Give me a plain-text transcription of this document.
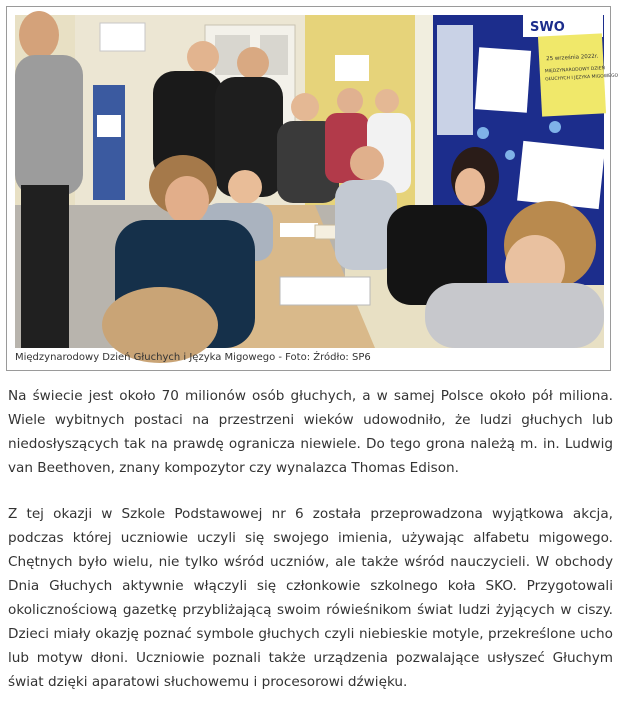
SWO
25 września 2022r.
MIĘDZYNARODOWY DZIEŃ
GŁUCHYCH I JĘZYKA MIGOWEGO
Międzynarodowy Dzień Głuchych i Języka Migowego - Foto: Źródło: SP6

Na świecie jest około 70 milionów osób głuchych, a w samej Polsce około pół miliona. Wiele wybitnych postaci na przestrzeni wieków udowodniło, że ludzi głuchych lub niedosłyszących tak na prawdę ogranicza niewiele. Do tego grona należą m. in. Ludwig van Beethoven, znany kompozytor czy wynalazca Thomas Edison.

Z tej okazji w Szkole Podstawowej nr 6 została przeprowadzona wyjątkowa akcja, podczas której uczniowie uczyli się swojego imienia, używając alfabetu migowego. Chętnych było wielu, nie tylko wśród uczniów, ale także wśród nauczycieli. W obchody Dnia Głuchych aktywnie włączyli się członkowie szkolnego koła SKO. Przygotowali okolicznościową gazetkę przybliżającą swoim rówieśnikom świat ludzi żyjących w ciszy. Dzieci miały okazję poznać symbole głuchych czyli niebieskie motyle, przekreślone ucho lub motyw dłoni. Uczniowie poznali także urządzenia pozwalające usłyszeć Głuchym świat dzięki aparatowi słuchowemu i procesorowi dźwięku.
